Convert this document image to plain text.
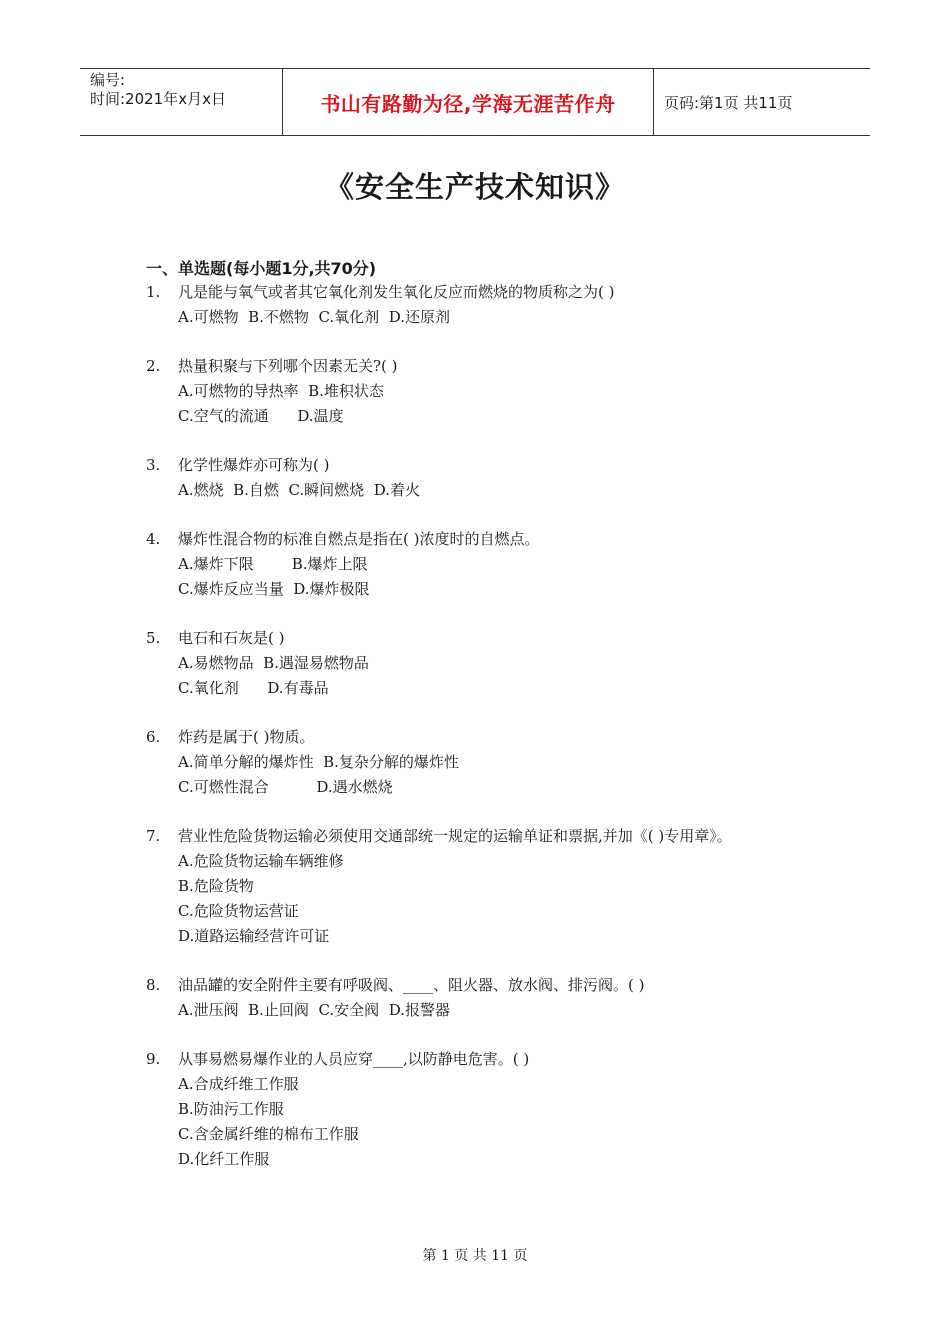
编号:
时间:2021年x月x日	书山有路勤为径,学海无涯苦作舟	页码:第1页 共11页
《安全生产技术知识》
一、单选题(每小题1分,共70分)
1.	凡是能与氧气或者其它氧化剂发生氧化反应而燃烧的物质称之为( )
A.可燃物  B.不燃物  C.氧化剂  D.还原剂
2.	热量积聚与下列哪个因素无关?( )
A.可燃物的导热率  B.堆积状态
C.空气的流通      D.温度
3.	化学性爆炸亦可称为( )
A.燃烧  B.自燃  C.瞬间燃烧  D.着火
4.	爆炸性混合物的标准自燃点是指在( )浓度时的自燃点。
A.爆炸下限        B.爆炸上限
C.爆炸反应当量  D.爆炸极限
5.	电石和石灰是( )
A.易燃物品  B.遇湿易燃物品
C.氧化剂      D.有毒品
6.	炸药是属于( )物质。
A.简单分解的爆炸性  B.复杂分解的爆炸性
C.可燃性混合          D.遇水燃烧
7.	营业性危险货物运输必须使用交通部统一规定的运输单证和票据,并加《( )专用章》。
A.危险货物运输车辆维修
B.危险货物
C.危险货物运营证
D.道路运输经营许可证
8.	油品罐的安全附件主要有呼吸阀、____、阻火器、放水阀、排污阀。( )
A.泄压阀  B.止回阀  C.安全阀  D.报警器
9.	从事易燃易爆作业的人员应穿____,以防静电危害。( )
A.合成纤维工作服
B.防油污工作服
C.含金属纤维的棉布工作服
D.化纤工作服
第 1 页 共 11 页
